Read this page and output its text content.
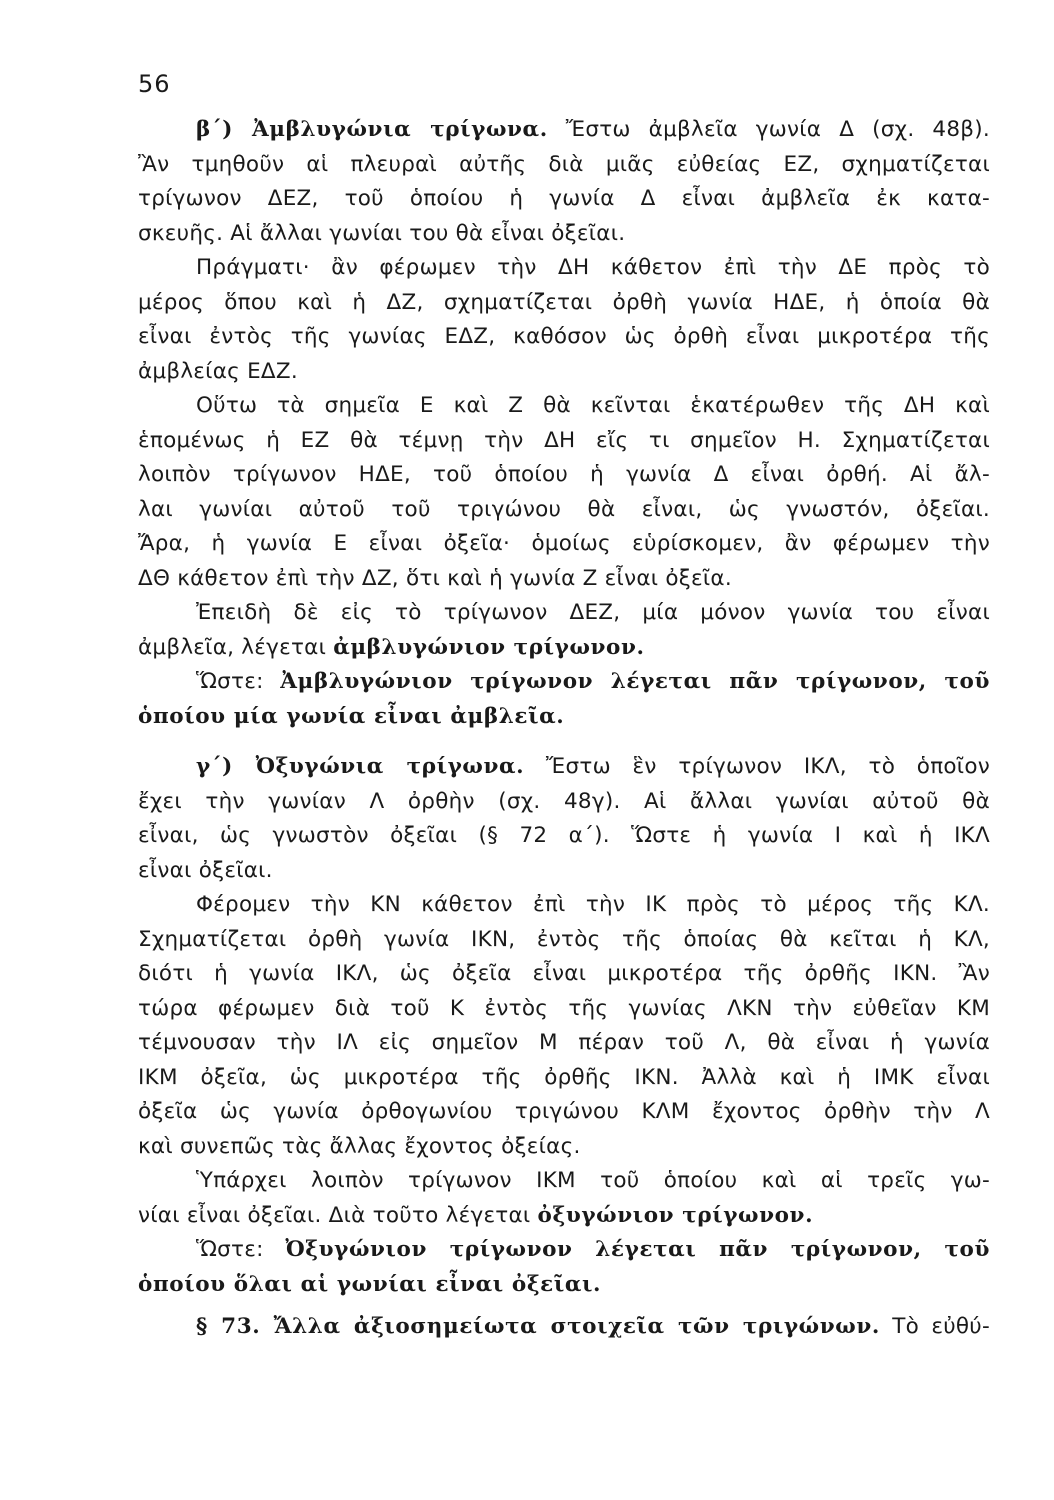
56
β΄) Ἀμβλυγώνια τρίγωνα. Ἔστω ἀμβλεῖα γωνία Δ (σχ. 48β).
Ἂν τμηθοῦν αἱ πλευραὶ αὐτῆς διὰ μιᾶς εὐθείας ΕΖ, σχηματίζεται
τρίγωνον ΔΕΖ, τοῦ ὁποίου ἡ γωνία Δ εἶναι ἀμβλεῖα ἐκ κατα-
σκευῆς. Αἱ ἄλλαι γωνίαι του θὰ εἶναι ὀξεῖαι.
Πράγματι· ἂν φέρωμεν τὴν ΔΗ κάθετον ἐπὶ τὴν ΔΕ πρὸς τὸ
μέρος ὅπου καὶ ἡ ΔΖ, σχηματίζεται ὀρθὴ γωνία ΗΔΕ, ἡ ὁποία θὰ
εἶναι ἐντὸς τῆς γωνίας ΕΔΖ, καθόσον ὡς ὀρθὴ εἶναι μικροτέρα τῆς
ἀμβλείας ΕΔΖ.
Οὕτω τὰ σημεῖα Ε καὶ Ζ θὰ κεῖνται ἑκατέρωθεν τῆς ΔΗ καὶ
ἑπομένως ἡ ΕΖ θὰ τέμνῃ τὴν ΔΗ εἴς τι σημεῖον Η. Σχηματίζεται
λοιπὸν τρίγωνον ΗΔΕ, τοῦ ὁποίου ἡ γωνία Δ εἶναι ὀρθή. Αἱ ἄλ-
λαι γωνίαι αὐτοῦ τοῦ τριγώνου θὰ εἶναι, ὡς γνωστόν, ὀξεῖαι.
Ἄρα, ἡ γωνία Ε εἶναι ὀξεῖα· ὁμοίως εὑρίσκομεν, ἂν φέρωμεν τὴν
ΔΘ κάθετον ἐπὶ τὴν ΔΖ, ὅτι καὶ ἡ γωνία Ζ εἶναι ὀξεῖα.
Ἐπειδὴ δὲ εἰς τὸ τρίγωνον ΔΕΖ, μία μόνον γωνία του εἶναι
ἀμβλεῖα, λέγεται ἀμβλυγώνιον τρίγωνον.
Ὥστε: Ἀμβλυγώνιον τρίγωνον λέγεται πᾶν τρίγωνον, τοῦ
ὁποίου μία γωνία εἶναι ἀμβλεῖα.
γ΄) Ὀξυγώνια τρίγωνα. Ἔστω ἓν τρίγωνον ΙΚΛ, τὸ ὁποῖον
ἔχει τὴν γωνίαν Λ ὀρθὴν (σχ. 48γ). Αἱ ἄλλαι γωνίαι αὐτοῦ θὰ
εἶναι, ὡς γνωστὸν ὀξεῖαι (§ 72 α΄). Ὥστε ἡ γωνία Ι καὶ ἡ ΙΚΛ
εἶναι ὀξεῖαι.
Φέρομεν τὴν ΚΝ κάθετον ἐπὶ τὴν ΙΚ πρὸς τὸ μέρος τῆς ΚΛ.
Σχηματίζεται ὀρθὴ γωνία ΙΚΝ, ἐντὸς τῆς ὁποίας θὰ κεῖται ἡ ΚΛ,
διότι ἡ γωνία ΙΚΛ, ὡς ὀξεῖα εἶναι μικροτέρα τῆς ὀρθῆς ΙΚΝ. Ἂν
τώρα φέρωμεν διὰ τοῦ Κ ἐντὸς τῆς γωνίας ΛΚΝ τὴν εὐθεῖαν ΚΜ
τέμνουσαν τὴν ΙΛ εἰς σημεῖον Μ πέραν τοῦ Λ, θὰ εἶναι ἡ γωνία
ΙΚΜ ὀξεῖα, ὡς μικροτέρα τῆς ὀρθῆς ΙΚΝ. Ἀλλὰ καὶ ἡ ΙΜΚ εἶναι
ὀξεῖα ὡς γωνία ὀρθογωνίου τριγώνου ΚΛΜ ἔχοντος ὀρθὴν τὴν Λ
καὶ συνεπῶς τὰς ἄλλας ἔχοντος ὀξείας.
Ὑπάρχει λοιπὸν τρίγωνον ΙΚΜ τοῦ ὁποίου καὶ αἱ τρεῖς γω-
νίαι εἶναι ὀξεῖαι. Διὰ τοῦτο λέγεται ὀξυγώνιον τρίγωνον.
Ὥστε: Ὀξυγώνιον τρίγωνον λέγεται πᾶν τρίγωνον, τοῦ
ὁποίου ὅλαι αἱ γωνίαι εἶναι ὀξεῖαι.
§ 73. Ἄλλα ἀξιοσημείωτα στοιχεῖα τῶν τριγώνων. Τὸ εὐθύ-
